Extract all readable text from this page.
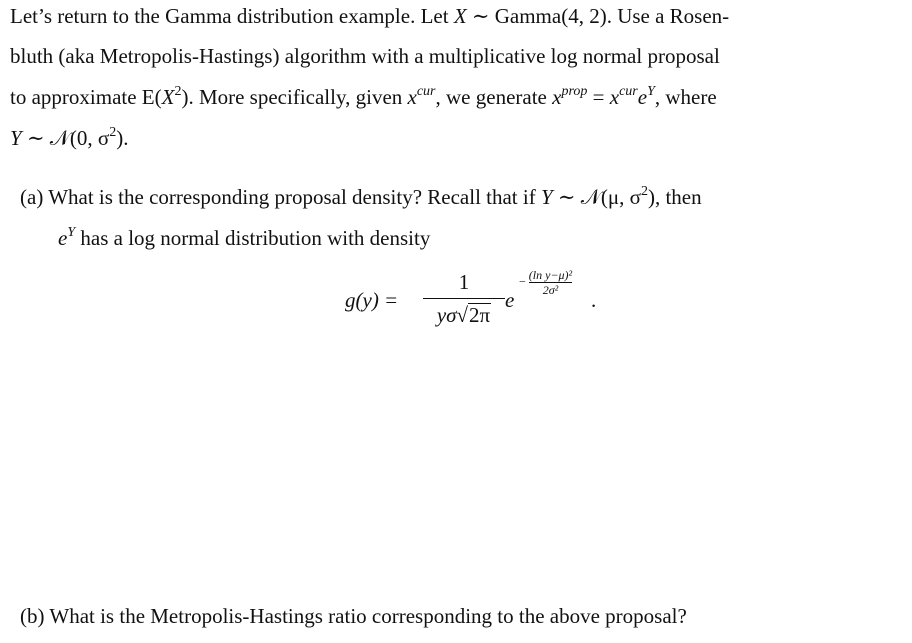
Let’s return to the Gamma distribution example. Let X ∼ Gamma(4, 2). Use a Rosen-
bluth (aka Metropolis-Hastings) algorithm with a multiplicative log normal proposal
to approximate $E(X^2)$. More specifically, given $x^{cur}$, we generate $x^{prop} = x^{cur}e^Y$, where
Y ∼ 𝒩(0, $\sigma^2$).
(a) What is the corresponding proposal density? Recall that if Y ∼ 𝒩(μ, $\sigma^2$), then
$e^Y$ has a log normal distribution with density
g(y) =
1
yσ√2π
e
− $\frac{\text{(ln y−μ)²}}{\text{2σ²}}$
.
(b) What is the Metropolis-Hastings ratio corresponding to the above proposal?
